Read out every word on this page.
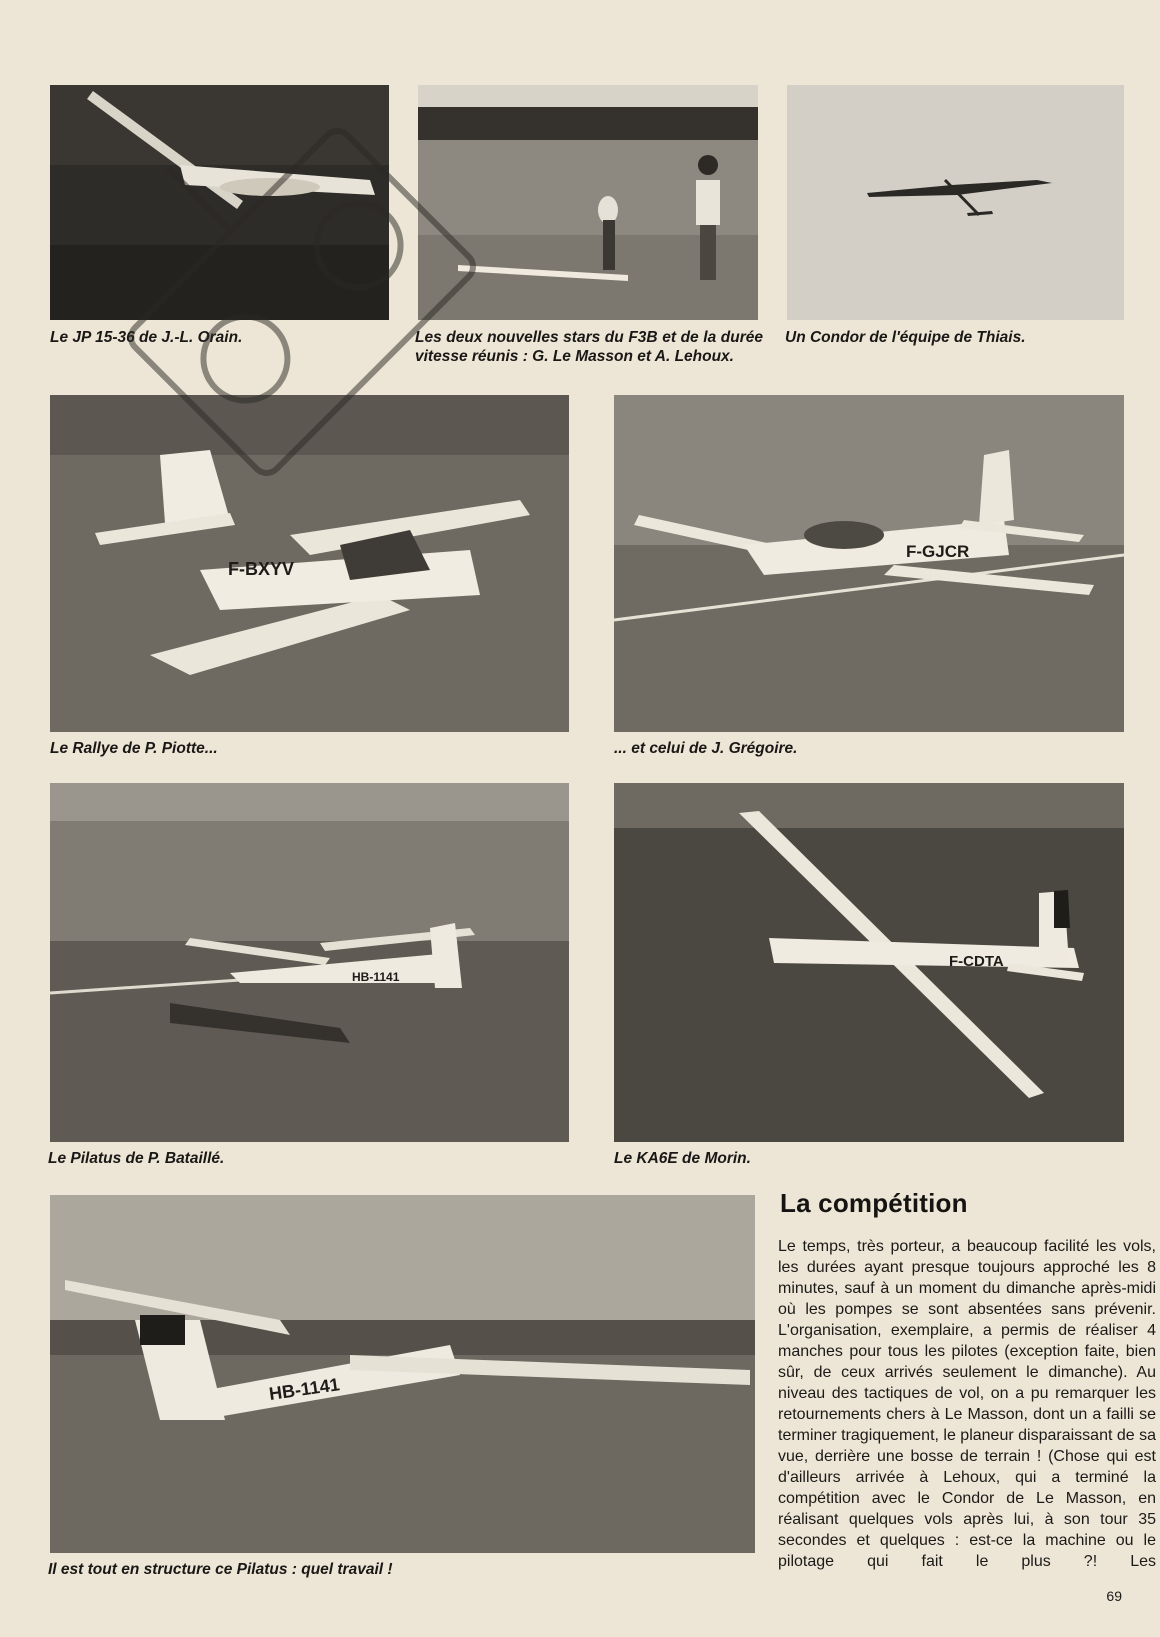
Le JP 15-36 de J.-L. Orain.	Les deux nouvelles stars du F3B et de la durée vitesse réunis : G. Le Masson et A. Lehoux.
Un Condor de l'équipe de Thiais.
F-BXYV
F-GJCR
Le Rallye de P. Piotte...	... et celui de J. Grégoire.
HB-1141
F-CDTA
Le Pilatus de P. Bataillé.	Le KA6E de Morin.
HB-1141
Il est tout en structure ce Pilatus : quel travail !
La compétition
Le temps, très porteur, a beaucoup facilité les vols, les durées ayant presque toujours approché les 8 minutes, sauf à un moment du dimanche après-midi où les pompes se sont absentées sans prévenir. L'organisation, exemplaire, a permis de réaliser 4 manches pour tous les pilotes (exception faite, bien sûr, de ceux arrivés seulement le dimanche). Au niveau des tactiques de vol, on a pu remarquer les retournements chers à Le Masson, dont un a failli se terminer tragiquement, le planeur disparaissant de sa vue, derrière une bosse de terrain ! (Chose qui est d'ailleurs arrivée à Lehoux, qui a terminé la compétition avec le Condor de Le Masson, en réalisant quelques vols après lui, à son tour 35 secondes et quelques : est-ce la machine ou le pilotage qui fait le plus ?! Les
69
